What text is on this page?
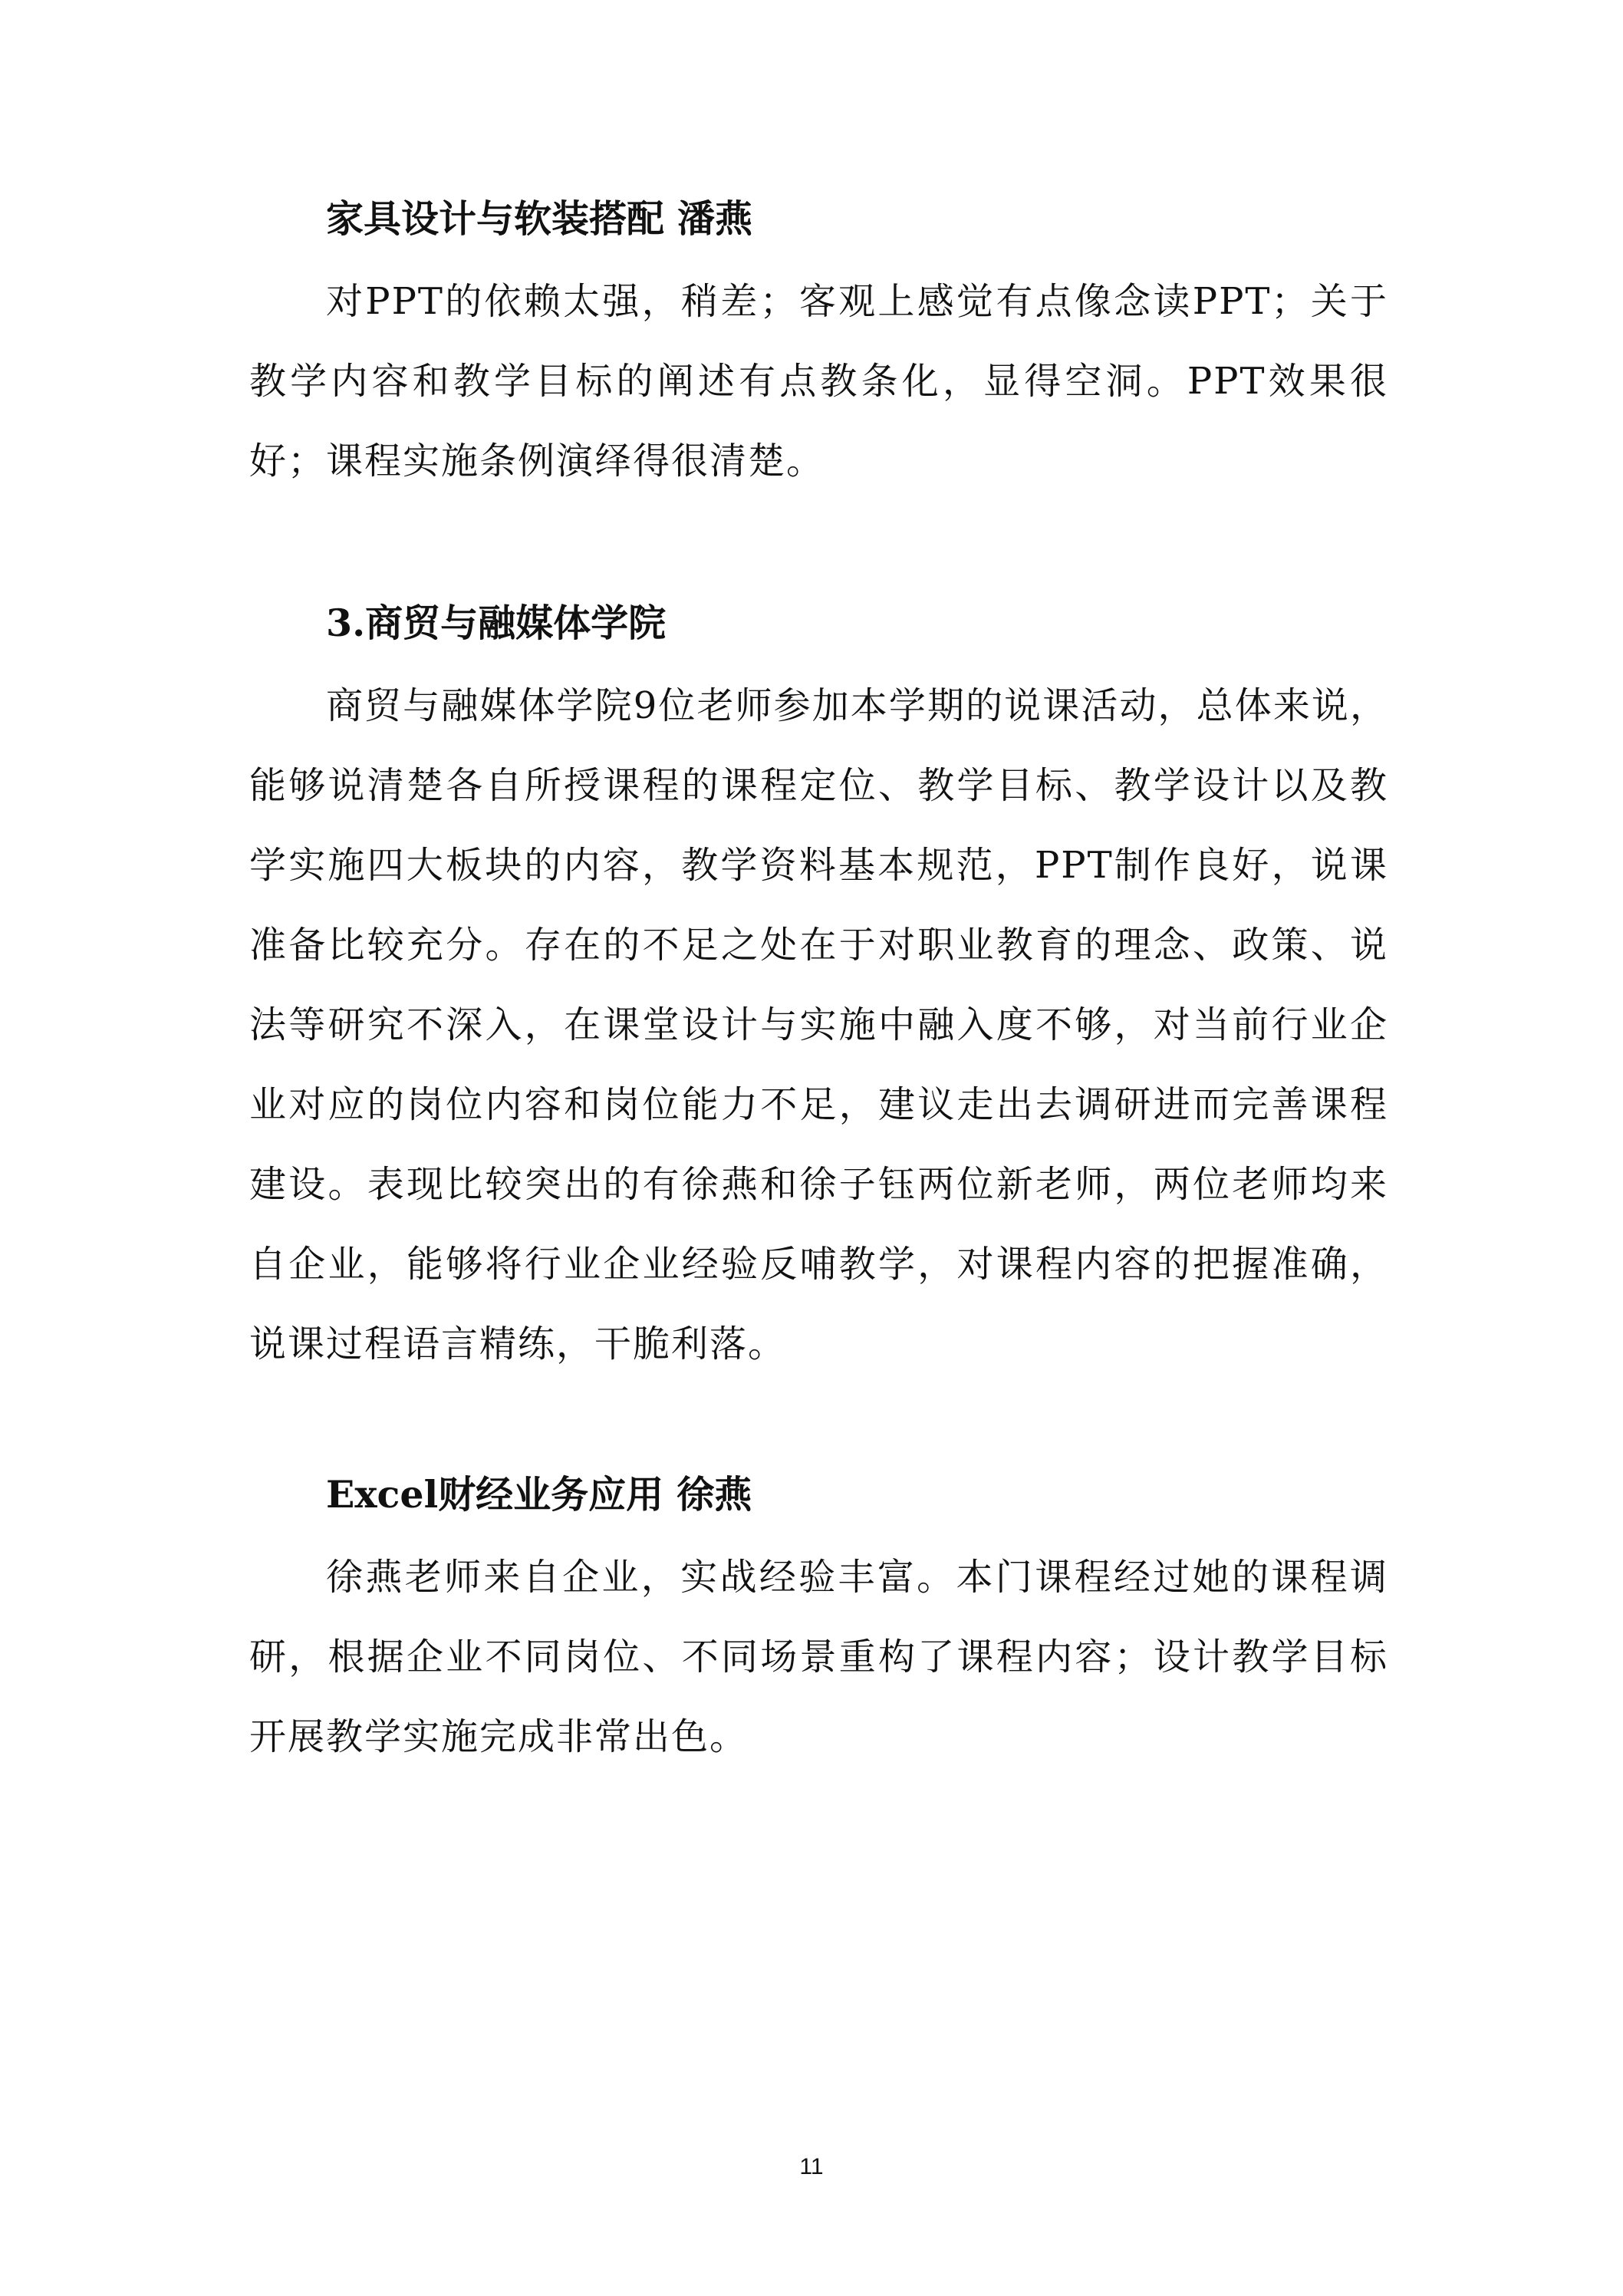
家具设计与软装搭配 潘燕

对PPT的依赖太强，稍差；客观上感觉有点像念读PPT；关于教学内容和教学目标的阐述有点教条化，显得空洞。PPT效果很好；课程实施条例演绎得很清楚。

3.商贸与融媒体学院

商贸与融媒体学院9位老师参加本学期的说课活动，总体来说，能够说清楚各自所授课程的课程定位、教学目标、教学设计以及教学实施四大板块的内容，教学资料基本规范，PPT制作良好，说课准备比较充分。存在的不足之处在于对职业教育的理念、政策、说法等研究不深入，在课堂设计与实施中融入度不够，对当前行业企业对应的岗位内容和岗位能力不足，建议走出去调研进而完善课程建设。表现比较突出的有徐燕和徐子钰两位新老师，两位老师均来自企业，能够将行业企业经验反哺教学，对课程内容的把握准确，说课过程语言精练，干脆利落。

Excel财经业务应用 徐燕

徐燕老师来自企业，实战经验丰富。本门课程经过她的课程调研，根据企业不同岗位、不同场景重构了课程内容；设计教学目标开展教学实施完成非常出色。

11
